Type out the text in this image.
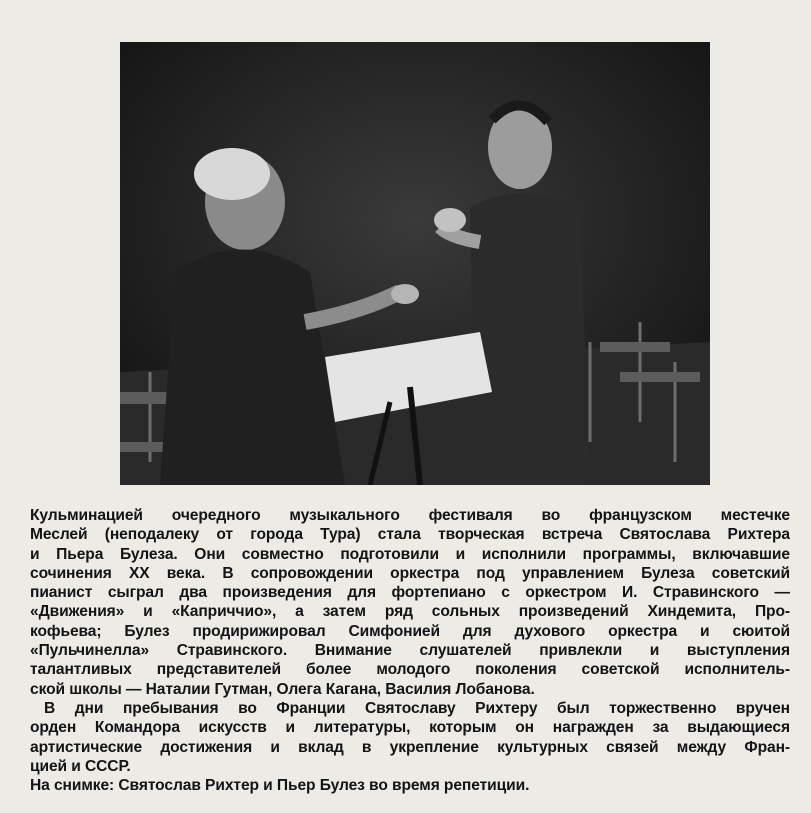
Кульминацией очередного музыкального фестиваля во французском местечке
Меслей (неподалеку от города Тура) стала творческая встреча Святослава Рихтера
и Пьера Булеза. Они совместно подготовили и исполнили программы, включавшие
сочинения XX века. В сопровождении оркестра под управлением Булеза советский
пианист сыграл два произведения для фортепиано с оркестром И. Стравинского —
«Движения» и «Каприччио», а затем ряд сольных произведений Хиндемита, Про-
кофьева; Булез продирижировал Симфонией для духового оркестра и сюитой
«Пульчинелла» Стравинского. Внимание слушателей привлекли и выступления
талантливых представителей более молодого поколения советской исполнитель-
ской школы — Наталии Гутман, Олега Кагана, Василия Лобанова.
В дни пребывания во Франции Святославу Рихтеру был торжественно вручен
орден Командора искусств и литературы, которым он награжден за выдающиеся
артистические достижения и вклад в укрепление культурных связей между Фран-
цией и СССР.
На снимке: Святослав Рихтер и Пьер Булез во время репетиции.
